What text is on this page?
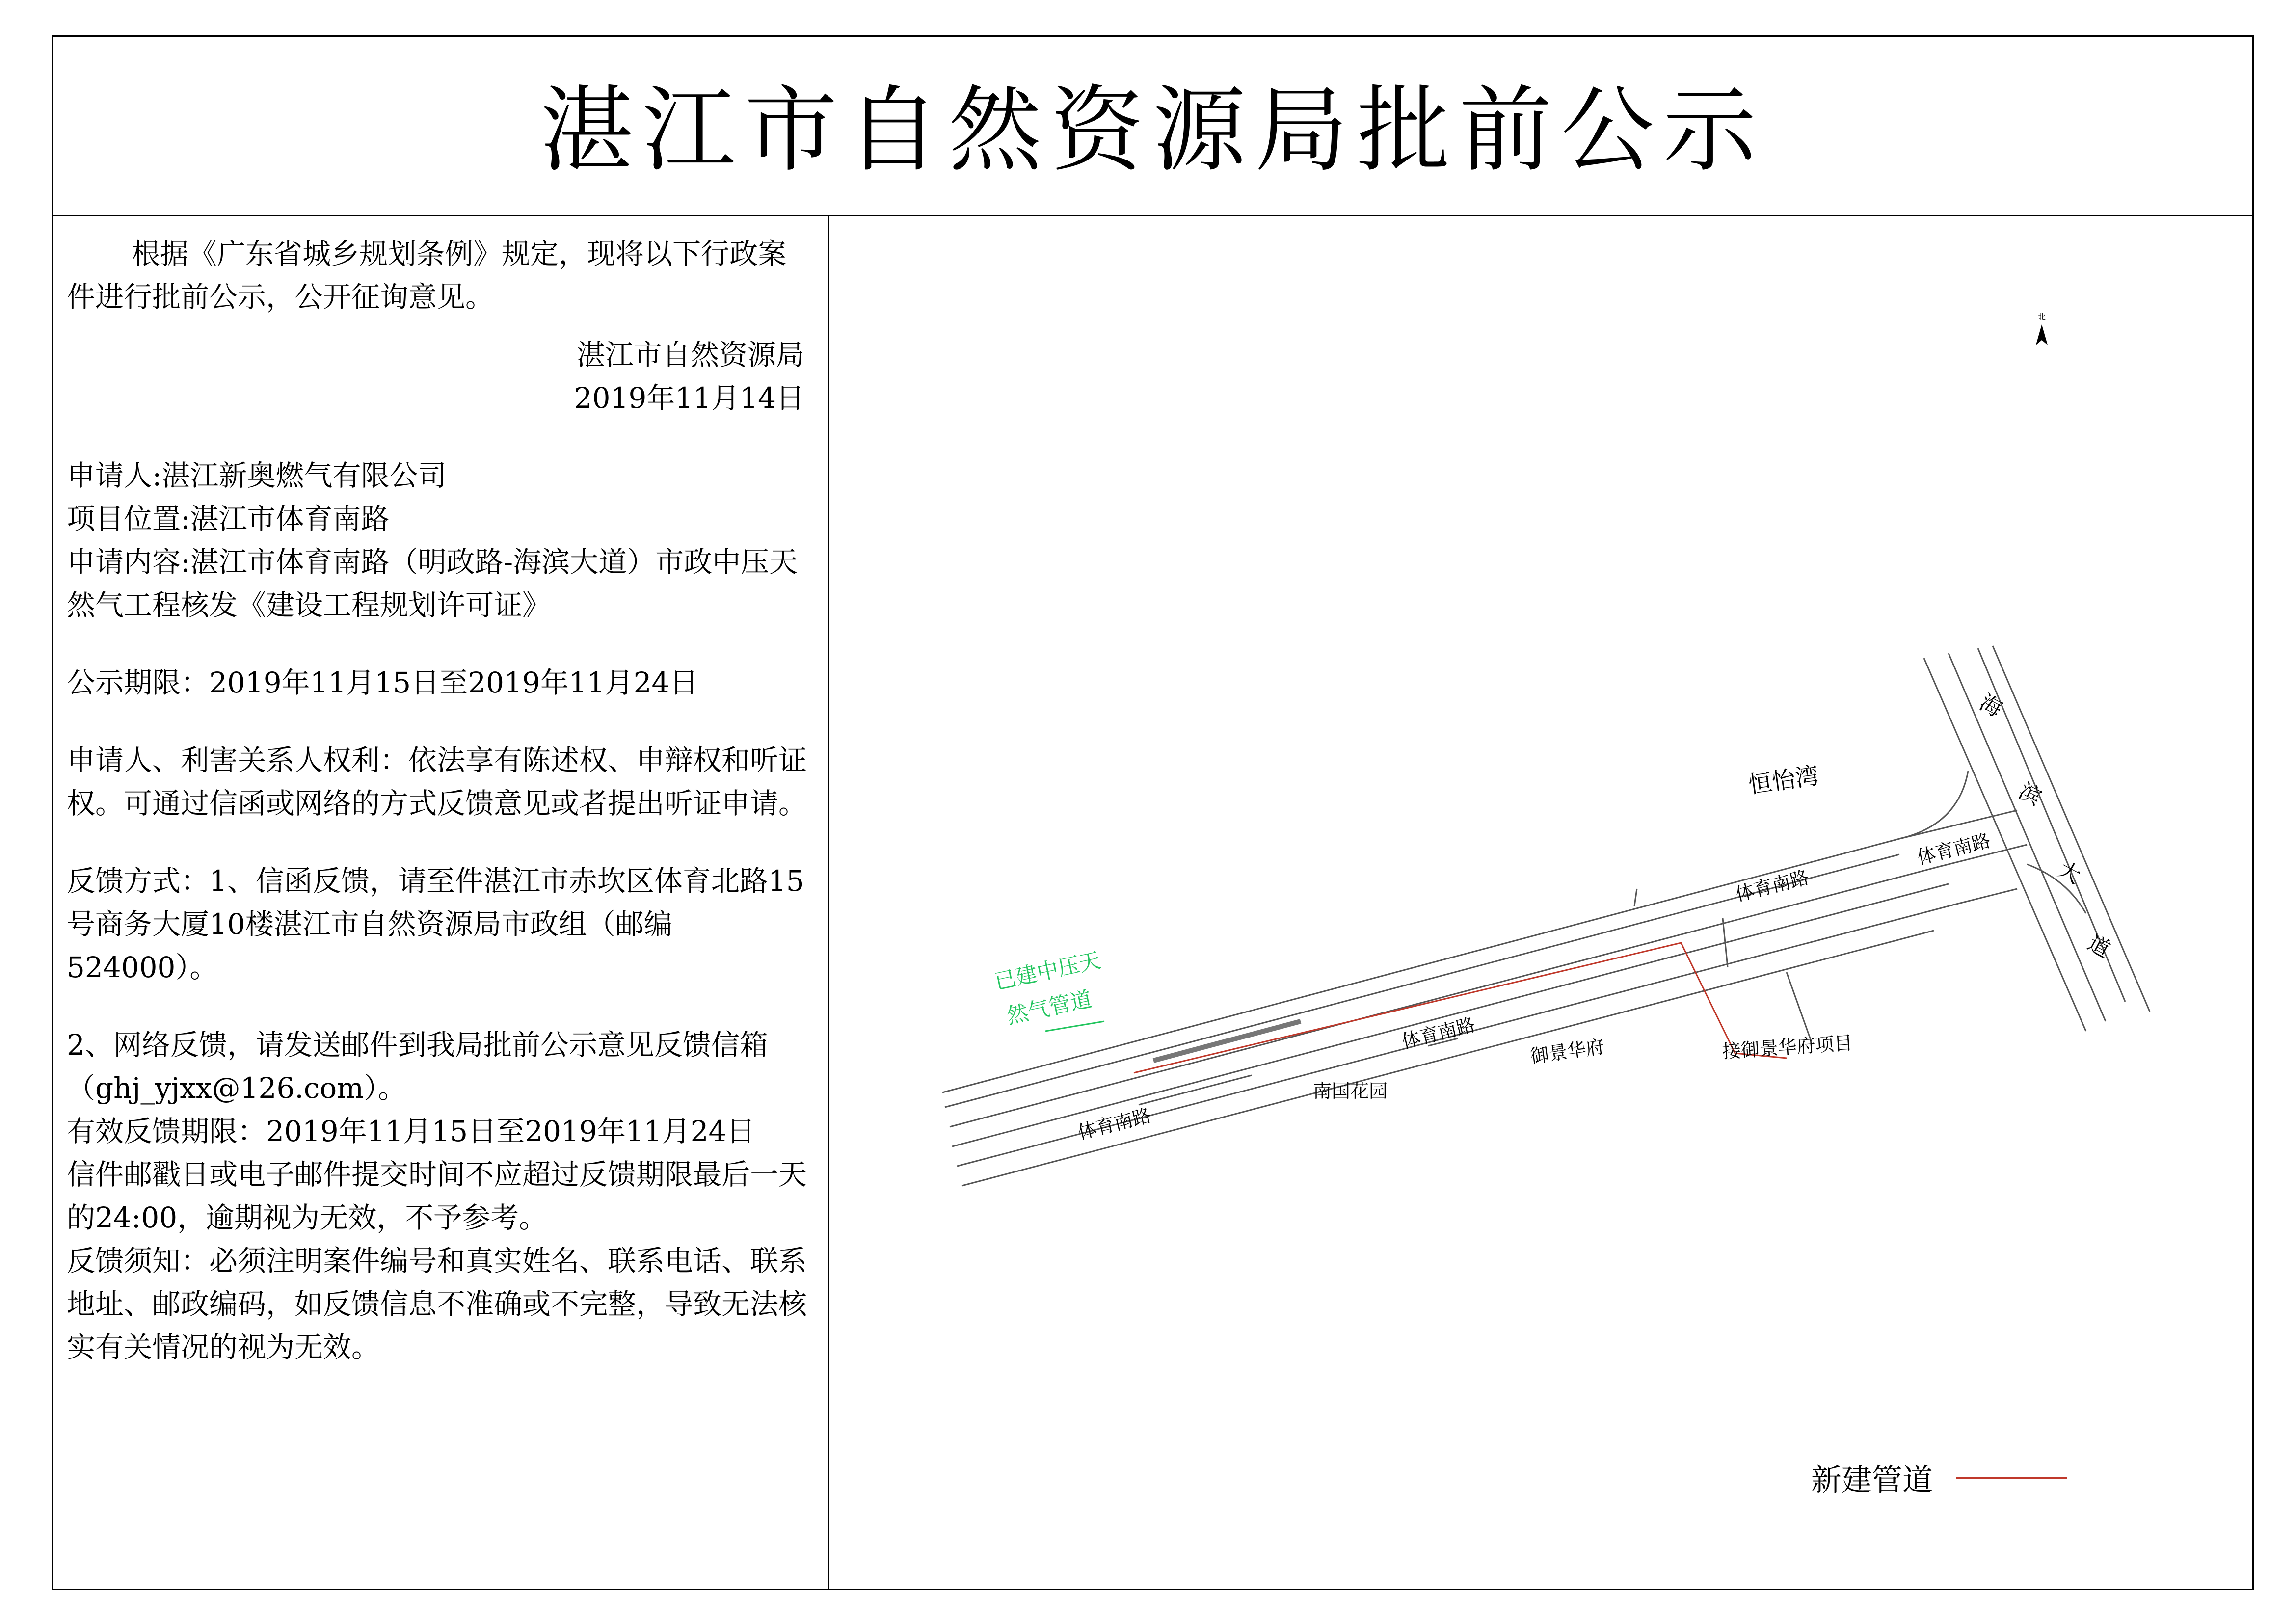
湛江市自然资源局批前公示

根据《广东省城乡规划条例》规定，现将以下行政案件进行批前公示，公开征询意见。

湛江市自然资源局

2019年11月14日

申请人:湛江新奥燃气有限公司

项目位置:湛江市体育南路

申请内容:湛江市体育南路（明政路-海滨大道）市政中压天然气工程核发《建设工程规划许可证》

公示期限：2019年11月15日至2019年11月24日

申请人、利害关系人权利：依法享有陈述权、申辩权和听证权。可通过信函或网络的方式反馈意见或者提出听证申请。

反馈方式：1、信函反馈，请至件湛江市赤坎区体育北路15号商务大厦10楼湛江市自然资源局市政组（邮编524000）。

2、网络反馈，请发送邮件到我局批前公示意见反馈信箱（ghj_yjxx@126.com）。

有效反馈期限：2019年11月15日至2019年11月24日

信件邮戳日或电子邮件提交时间不应超过反馈期限最后一天的24:00，逾期视为无效，不予参考。

反馈须知：必须注明案件编号和真实姓名、联系电话、联系地址、邮政编码，如反馈信息不准确或不完整，导致无法核实有关情况的视为无效。

北
体育南路
体育南路
体育南路
体育南路
海
滨
大
道
恒怡湾
御景华府
南国花园
接御景华府项目
已建中压天
然气管道
新建管道
